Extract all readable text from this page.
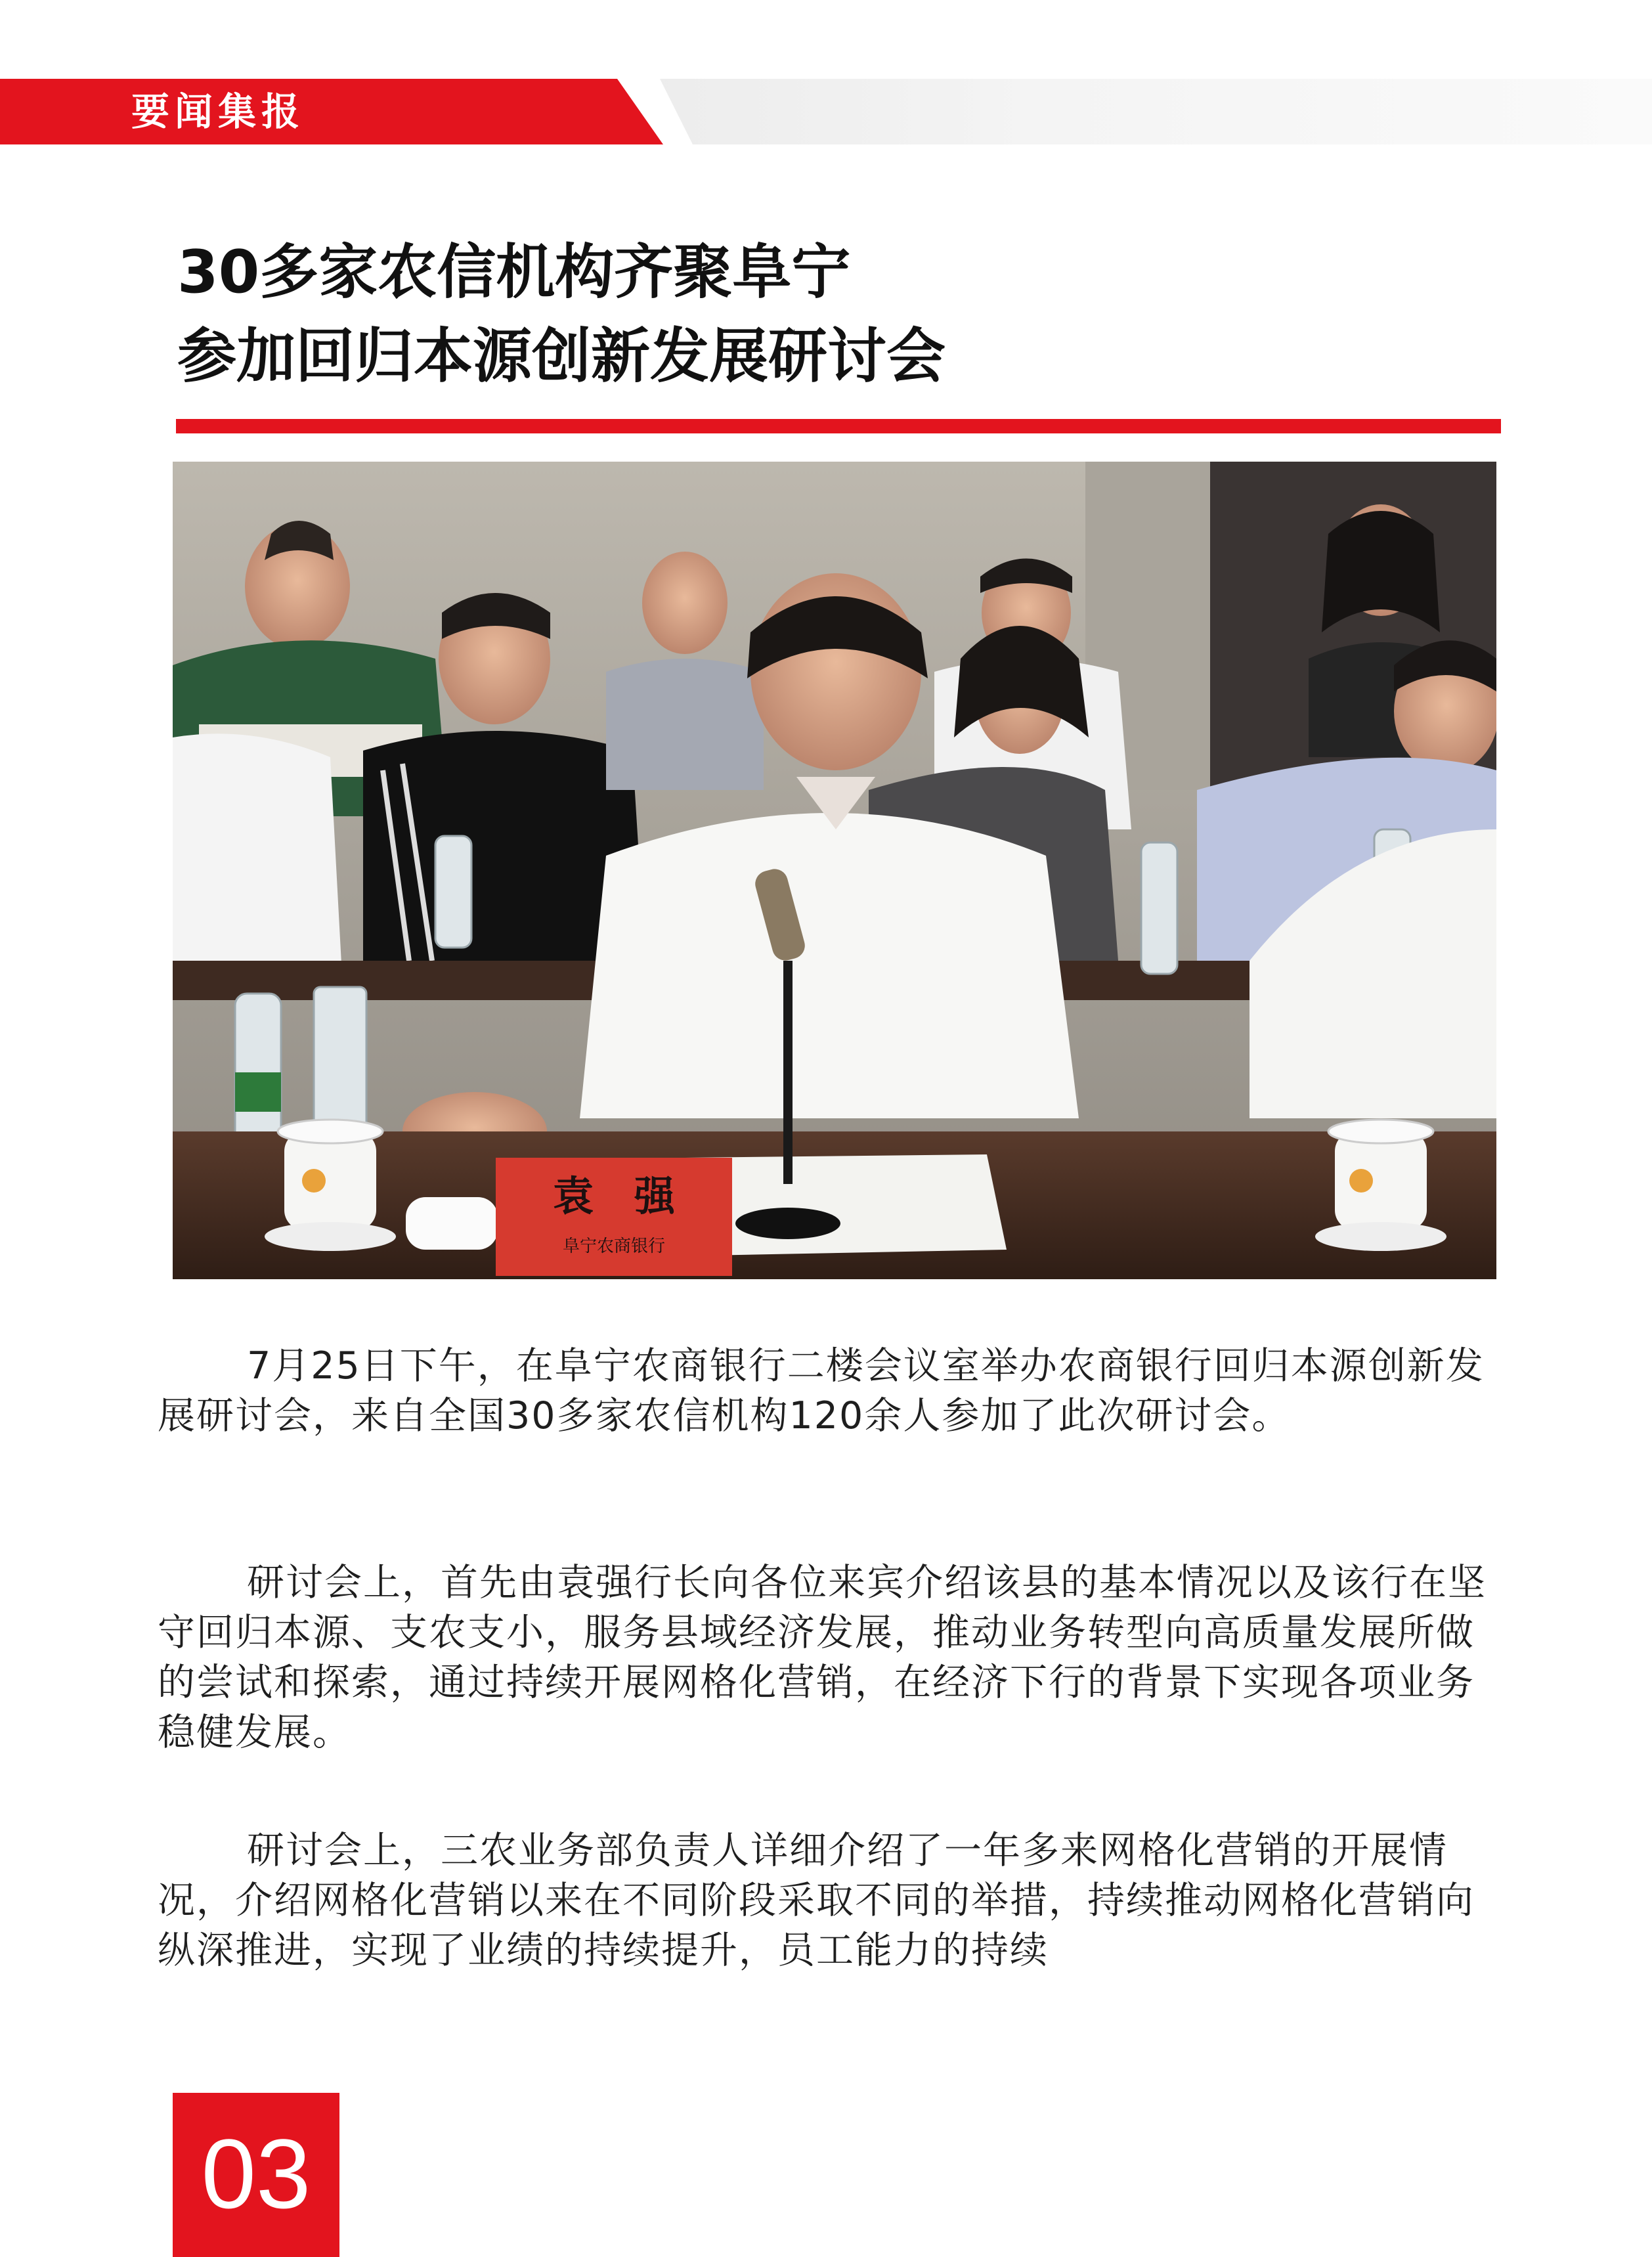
要闻集报
30多家农信机构齐聚阜宁
参加回归本源创新发展研讨会
袁　强
阜宁农商银行

7月25日下午，在阜宁农商银行二楼会议室举办农商银行回归本源创新发展研讨会，来自全国30多家农信机构120余人参加了此次研讨会。

研讨会上，首先由袁强行长向各位来宾介绍该县的基本情况以及该行在坚守回归本源、支农支小，服务县域经济发展，推动业务转型向高质量发展所做的尝试和探索，通过持续开展网格化营销，在经济下行的背景下实现各项业务稳健发展。

研讨会上，三农业务部负责人详细介绍了一年多来网格化营销的开展情况，介绍网格化营销以来在不同阶段采取不同的举措，持续推动网格化营销向纵深推进，实现了业绩的持续提升，员工能力的持续

03
